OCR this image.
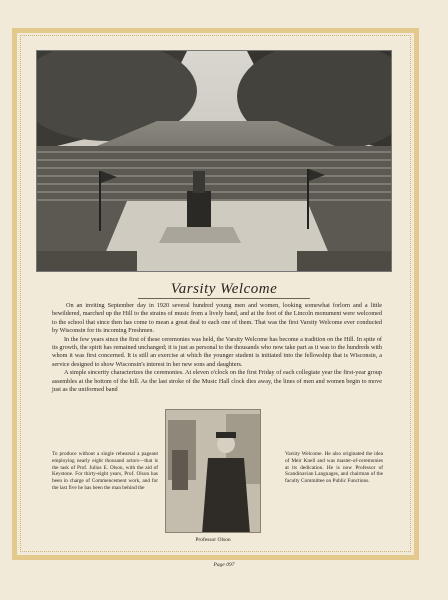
Varsity Welcome

On an inviting September day in 1920 several hundred young men and women, looking somewhat forlorn and a little bewildered, marched up the Hill to the strains of music from a lively band, and at the foot of the Lincoln monument were welcomed to the school that since then has come to mean a great deal to each one of them. That was the first Varsity Welcome ever conducted by Wisconsin for its incoming Freshmen.

In the few years since the first of these ceremonies was held, the Varsity Welcome has become a tradition on the Hill. In spite of its growth, the spirit has remained unchanged; it is just as personal to the thousands who now take part as it was to the hundreds with whom it was first concerned. It is still an exercise at which the younger student is initiated into the fellowship that is Wisconsin, a service designed to show Wisconsin's interest in her new sons and daughters.

A simple sincerity characterizes the ceremonies. At eleven o'clock on the first Friday of each collegiate year the first-year group assembles at the bottom of the hill. As the last stroke of the Music Hall clock dies away, the lines of men and women begin to move just as the uniformed band

To produce without a single rehearsal a pageant employing nearly eight thousand actors—that is the task of Prof. Julius E. Olson, with the aid of Keystone. For thirty-eight years, Prof. Olson has been in charge of Commencement work, and for the last five he has been the man behind the
Professor Olson
Varsity Welcome. He also originated the idea of Meir Knell and was master-of-ceremonies at its dedication. He is now Professor of Scandinavian Languages, and chairman of the faculty Committee on Public Functions.
Page 097
